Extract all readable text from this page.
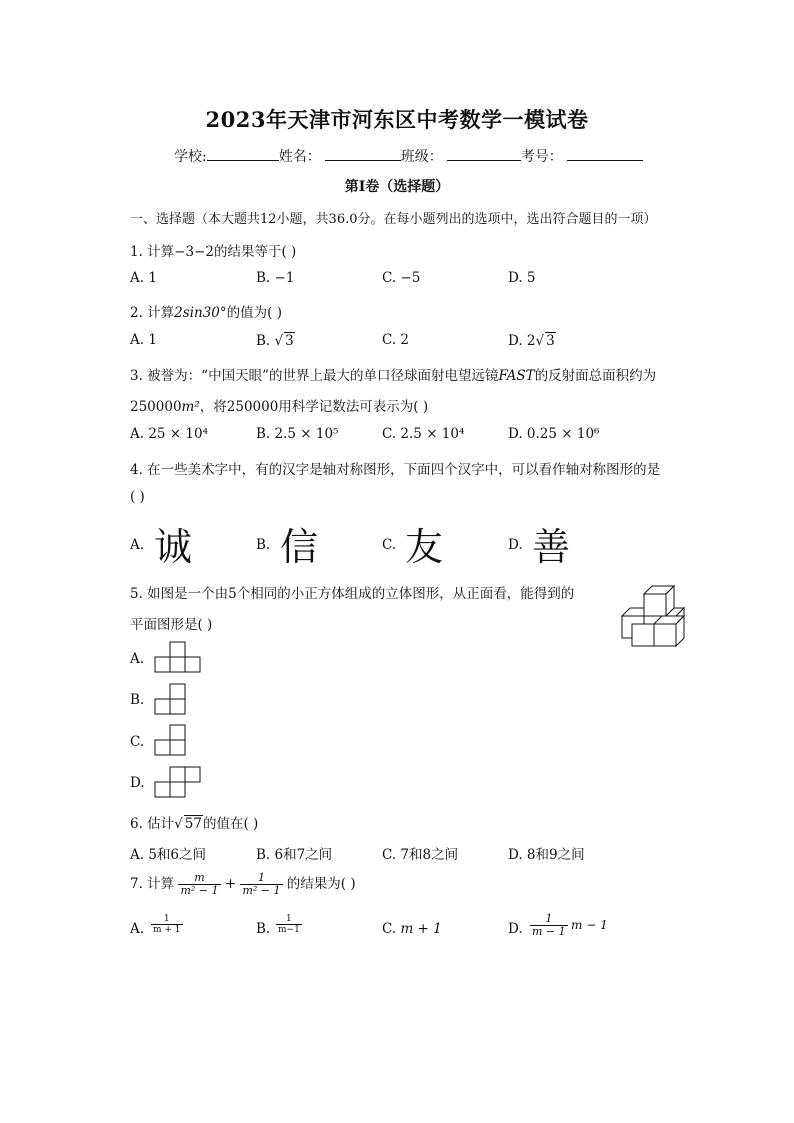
2023年天津市河东区中考数学一模试卷
学校:	姓名：	班级：	考号：
第I卷（选择题）
一、选择题（本大题共12小题，共36.0分。在每小题列出的选项中，选出符合题目的一项）
1. 计算−3−2的结果等于( )
A. 1	B. −1	C. −5	D. 5
2. 计算2sin30°的值为( )
A. 1	B. √ 3	C. 2	D. 2√ 3
3. 被誉为：“中国天眼”的世界上最大的单口径球面射电望远镜FAST的反射面总面积约为
250000m²，将250000用科学记数法可表示为( )
A. 25 × 10⁴	B. 2.5 × 10⁵	C. 2.5 × 10⁴	D. 0.25 × 10⁶
4. 在一些美术字中，有的汉字是轴对称图形，下面四个汉字中，可以看作轴对称图形的是
( )
A. 诚	B. 信	C. 友	D. 善
5. 如图是一个由5个相同的小正方体组成的立体图形，从正面看，能得到的
平面图形是( )
A.
B.
C.
D.
6. 估计√ 57的值在( )
A. 5和6之间	B. 6和7之间	C. 7和8之间	D. 8和9之间
7. 计算 $\frac{m}{\text{m² − 1}} + \frac{1}{\text{m² − 1}}$ 的结果为( )
A. $\frac{1}{m + 1}$	B. $\frac{1}{m-1}$	C. m + 1	D. $\frac{1}{m - 1}$ m − 1
